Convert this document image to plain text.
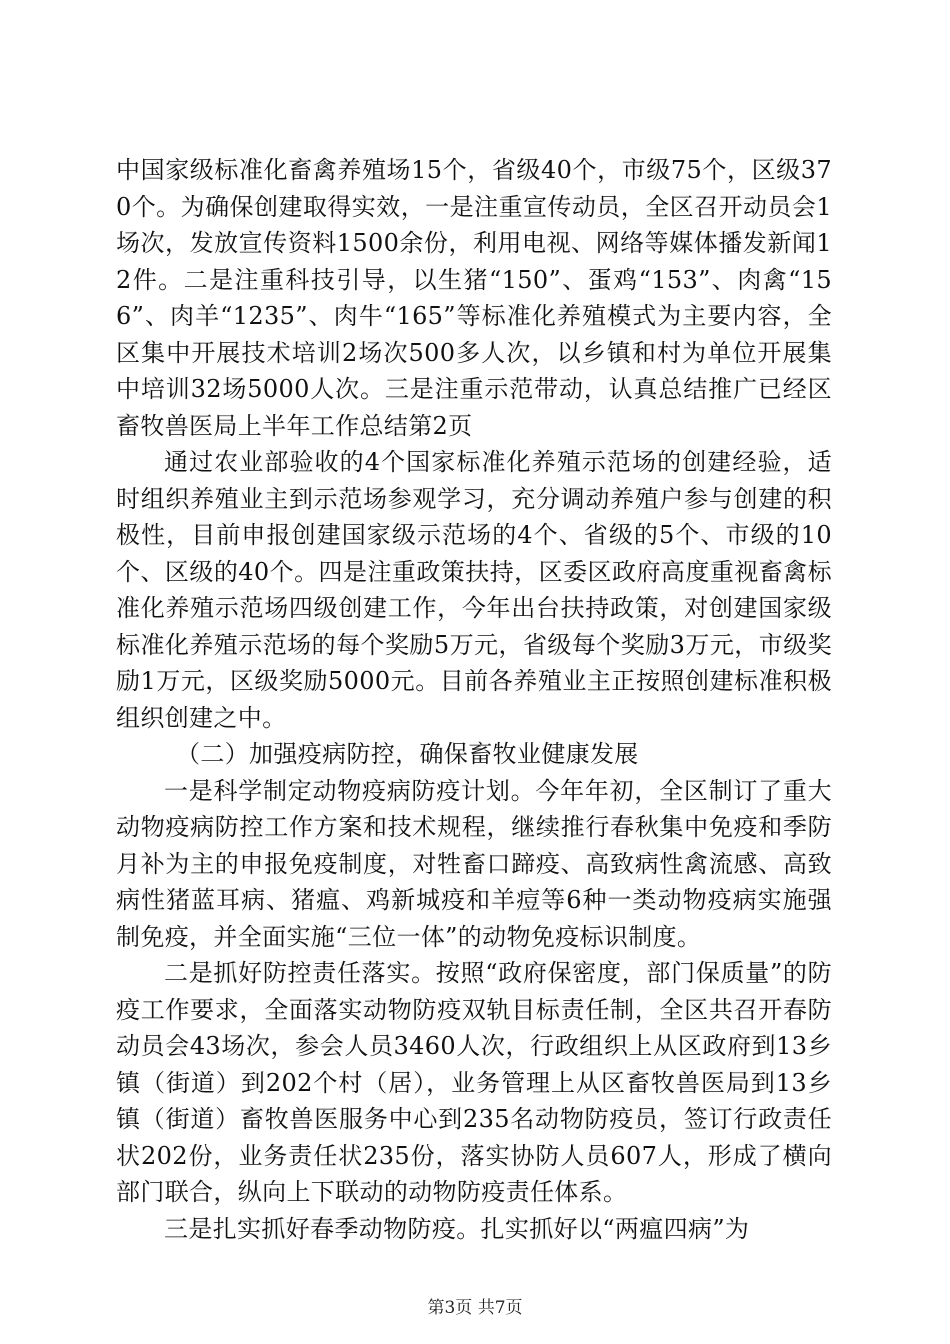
中国家级标准化畜禽养殖场15个，省级40个，市级75个，区级370个。为确保创建取得实效，一是注重宣传动员，全区召开动员会1场次，发放宣传资料1500余份，利用电视、网络等媒体播发新闻12件。二是注重科技引导，以生猪“150”、蛋鸡“153”、肉禽“156”、肉羊“1235”、肉牛“165”等标准化养殖模式为主要内容，全区集中开展技术培训2场次500多人次，以乡镇和村为单位开展集中培训32场5000人次。三是注重示范带动，认真总结推广已经区畜牧兽医局上半年工作总结第2页

通过农业部验收的4个国家标准化养殖示范场的创建经验，适时组织养殖业主到示范场参观学习，充分调动养殖户参与创建的积极性，目前申报创建国家级示范场的4个、省级的5个、市级的10个、区级的40个。四是注重政策扶持，区委区政府高度重视畜禽标准化养殖示范场四级创建工作，今年出台扶持政策，对创建国家级标准化养殖示范场的每个奖励5万元，省级每个奖励3万元，市级奖励1万元，区级奖励5000元。目前各养殖业主正按照创建标准积极组织创建之中。

（二）加强疫病防控，确保畜牧业健康发展

一是科学制定动物疫病防疫计划。今年年初，全区制订了重大动物疫病防控工作方案和技术规程，继续推行春秋集中免疫和季防月补为主的申报免疫制度，对牲畜口蹄疫、高致病性禽流感、高致病性猪蓝耳病、猪瘟、鸡新城疫和羊痘等6种一类动物疫病实施强制免疫，并全面实施“三位一体”的动物免疫标识制度。

二是抓好防控责任落实。按照“政府保密度，部门保质量”的防疫工作要求，全面落实动物防疫双轨目标责任制，全区共召开春防动员会43场次，参会人员3460人次，行政组织上从区政府到13乡镇（街道）到202个村（居），业务管理上从区畜牧兽医局到13乡镇（街道）畜牧兽医服务中心到235名动物防疫员，签订行政责任状202份，业务责任状235份，落实协防人员607人，形成了横向部门联合，纵向上下联动的动物防疫责任体系。

三是扎实抓好春季动物防疫。扎实抓好以“两瘟四病”为

第3页 共7页
